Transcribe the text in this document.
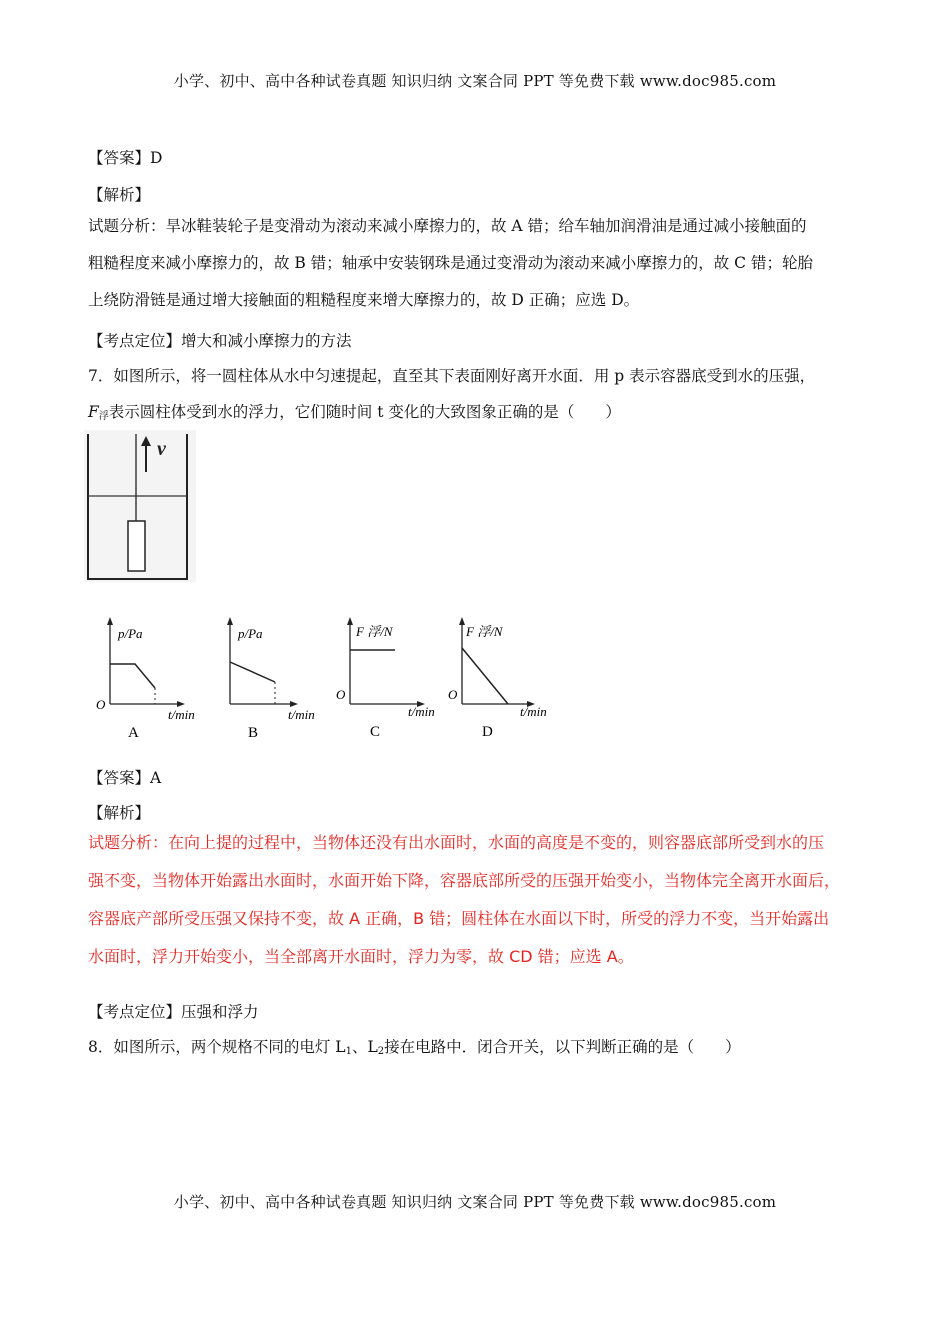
小学、初中、高中各种试卷真题 知识归纳 文案合同 PPT 等免费下载 www.doc985.com
【答案】D
【解析】
试题分析：旱冰鞋装轮子是变滑动为滚动来减小摩擦力的，故 A 错；给车轴加润滑油是通过减小接触面的
粗糙程度来减小摩擦力的，故 B 错；轴承中安装钢珠是通过变滑动为滚动来减小摩擦力的，故 C 错；轮胎
上绕防滑链是通过增大接触面的粗糙程度来增大摩擦力的，故 D 正确；应选 D。
【考点定位】增大和减小摩擦力的方法
7．如图所示，将一圆柱体从水中匀速提起，直至其下表面刚好离开水面．用 p 表示容器底受到水的压强，
$F_浮$表示圆柱体受到水的浮力，它们随时间 t 变化的大致图象正确的是（　　）
v
p/Pa
O
t/min
A
p/Pa
t/min
B
F 浮/N
O
t/min
C
F 浮/N
O
t/min
D
【答案】A
【解析】
试题分析：在向上提的过程中，当物体还没有出水面时，水面的高度是不变的，则容器底部所受到水的压
强不变，当物体开始露出水面时，水面开始下降，容器底部所受的压强开始变小，当物体完全离开水面后，
容器底产部所受压强又保持不变，故 A 正确，B 错；圆柱体在水面以下时，所受的浮力不变，当开始露出
水面时，浮力开始变小，当全部离开水面时，浮力为零，故 CD 错；应选 A。
【考点定位】压强和浮力
8．如图所示，两个规格不同的电灯 $L_1$、$L_2$接在电路中．闭合开关，以下判断正确的是（　　）
小学、初中、高中各种试卷真题 知识归纳 文案合同 PPT 等免费下载 www.doc985.com
